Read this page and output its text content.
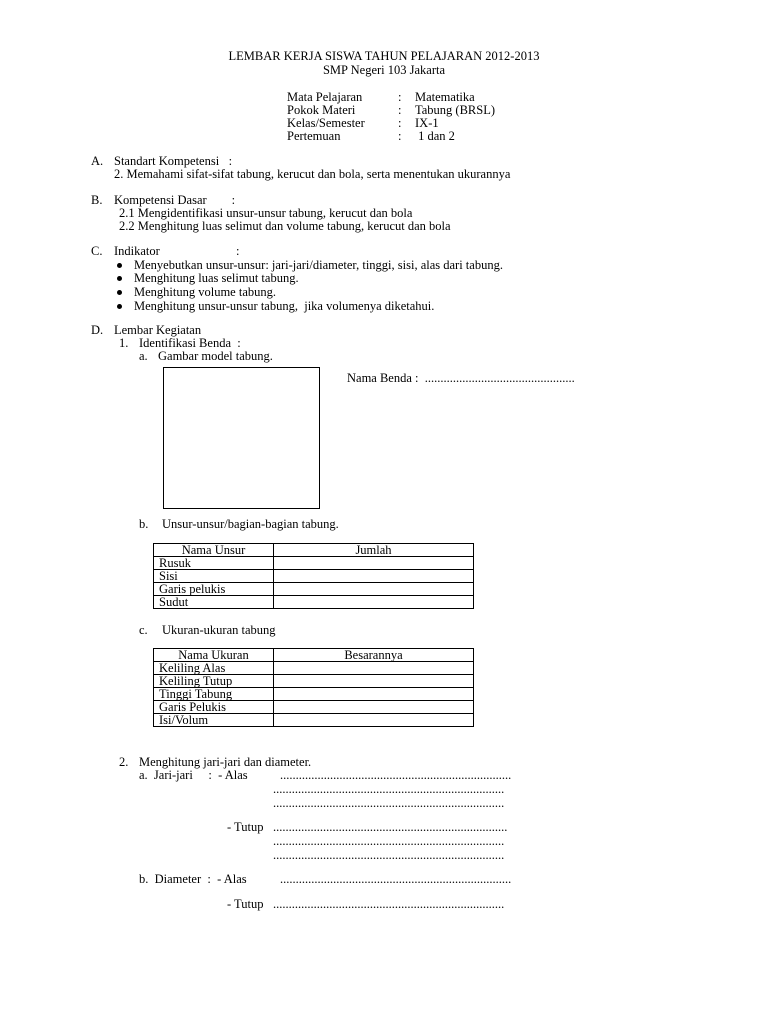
LEMBAR KERJA SISWA TAHUN PELAJARAN 2012-2013
SMP Negeri 103 Jakarta
Mata Pelajaran	: Matematika
Pokok Materi	: Tabung (BRSL)
Kelas/Semester	: IX-1
Pertemuan	: 1 dan 2
A. Standart Kompetensi   :
2. Memahami sifat-sifat tabung, kerucut dan bola, serta menentukan ukurannya
B. Kompetensi Dasar        :
2.1 Mengidentifikasi unsur-unsur tabung, kerucut dan bola
2.2 Menghitung luas selimut dan volume tabung, kerucut dan bola
C. Indikator	:
Menyebutkan unsur-unsur: jari-jari/diameter, tinggi, sisi, alas dari tabung.
Menghitung luas selimut tabung.
Menghitung volume tabung.
Menghitung unsur-unsur tabung,  jika volumenya diketahui.
D. Lembar Kegiatan
1. Identifikasi Benda  :
a. Gambar model tabung.
Nama Benda :  ................................................
b. Unsur-unsur/bagian-bagian tabung.
Nama Unsur	Jumlah
Rusuk	
Sisi	
Garis pelukis	
Sudut	
c. Ukuran-ukuran tabung
Nama Ukuran	Besarannya
Keliling Alas	
Keliling Tutup	
Tinggi Tabung	
Garis Pelukis	
Isi/Volum	
2. Menghitung jari-jari dan diameter.
a.  Jari-jari     :  - Alas	..........................................................................
..........................................................................
..........................................................................
- Tutup ...........................................................................
..........................................................................
..........................................................................
b.  Diameter  :  - Alas	..........................................................................
- Tutup ..........................................................................
